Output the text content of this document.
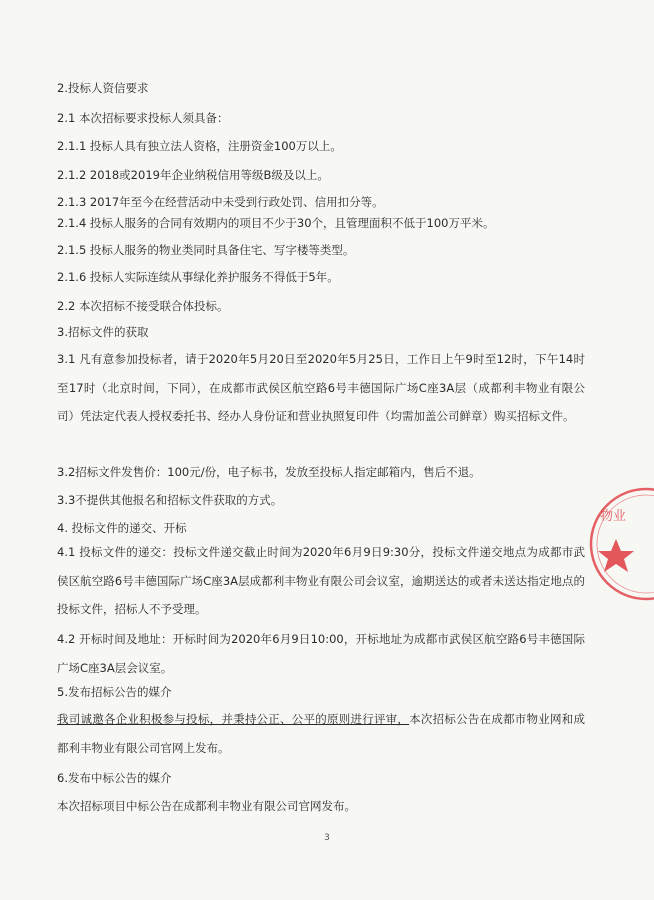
2.投标人资信要求
2.1 本次招标要求投标人须具备：
2.1.1 投标人具有独立法人资格，注册资金100万以上。
2.1.2 2018或2019年企业纳税信用等级B级及以上。
2.1.3 2017年至今在经营活动中未受到行政处罚、信用扣分等。
2.1.4 投标人服务的合同有效期内的项目不少于30个，且管理面积不低于100万平米。
2.1.5 投标人服务的物业类同时具备住宅、写字楼等类型。
2.1.6 投标人实际连续从事绿化养护服务不得低于5年。
2.2 本次招标不接受联合体投标。
3.招标文件的获取
3.1 凡有意参加投标者，请于2020年5月20日至2020年5月25日，工作日上午9时至12时，下午14时至17时（北京时间，下同），在成都市武侯区航空路6号丰德国际广场C座3A层（成都利丰物业有限公司）凭法定代表人授权委托书、经办人身份证和营业执照复印件（均需加盖公司鲜章）购买招标文件。
3.2招标文件发售价：100元/份，电子标书，发放至投标人指定邮箱内，售后不退。
3.3不提供其他报名和招标文件获取的方式。
4. 投标文件的递交、开标
4.1 投标文件的递交：投标文件递交截止时间为2020年6月9日9:30分，投标文件递交地点为成都市武侯区航空路6号丰德国际广场C座3A层成都利丰物业有限公司会议室，逾期送达的或者未送达指定地点的投标文件，招标人不予受理。
4.2 开标时间及地址：开标时间为2020年6月9日10:00，开标地址为成都市武侯区航空路6号丰德国际广场C座3A层会议室。
5.发布招标公告的媒介
我司诚邀各企业积极参与投标，并秉持公正、公平的原则进行评审，本次招标公告在成都市物业网和成都利丰物业有限公司官网上发布。
6.发布中标公告的媒介
本次招标项目中标公告在成都利丰物业有限公司官网发布。
3
物业
